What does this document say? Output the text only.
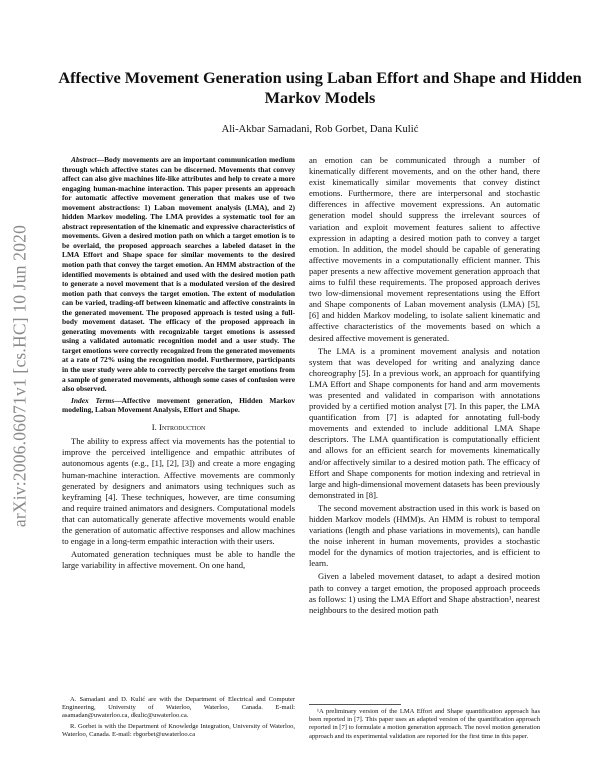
arXiv:2006.06071v1 [cs.HC] 10 Jun 2020
Affective Movement Generation using Laban Effort and Shape and Hidden Markov Models
Ali-Akbar Samadani, Rob Gorbet, Dana Kulić

Abstract—Body movements are an important communication medium through which affective states can be discerned. Movements that convey affect can also give machines life-like attributes and help to create a more engaging human-machine interaction. This paper presents an approach for automatic affective movement generation that makes use of two movement abstractions: 1) Laban movement analysis (LMA), and 2) hidden Markov modeling. The LMA provides a systematic tool for an abstract representation of the kinematic and expressive characteristics of movements. Given a desired motion path on which a target emotion is to be overlaid, the proposed approach searches a labeled dataset in the LMA Effort and Shape space for similar movements to the desired motion path that convey the target emotion. An HMM abstraction of the identified movements is obtained and used with the desired motion path to generate a novel movement that is a modulated version of the desired motion path that conveys the target emotion. The extent of modulation can be varied, trading-off between kinematic and affective constraints in the generated movement. The proposed approach is tested using a full-body movement dataset. The efficacy of the proposed approach in generating movements with recognizable target emotions is assessed using a validated automatic recognition model and a user study. The target emotions were correctly recognized from the generated movements at a rate of 72% using the recognition model. Furthermore, participants in the user study were able to correctly perceive the target emotions from a sample of generated movements, although some cases of confusion were also observed.

Index Terms—Affective movement generation, Hidden Markov modeling, Laban Movement Analysis, Effort and Shape.

I. Introduction

The ability to express affect via movements has the potential to improve the perceived intelligence and empathic attributes of autonomous agents (e.g., [1], [2], [3]) and create a more engaging human-machine interaction. Affective movements are commonly generated by designers and animators using techniques such as keyframing [4]. These techniques, however, are time consuming and require trained animators and designers. Computational models that can automatically generate affective movements would enable the generation of automatic affective responses and allow machines to engage in a long-term empathic interaction with their users.

Automated generation techniques must be able to handle the large variability in affective movement. On one hand,

A. Samadani and D. Kulić are with the Department of Electrical and Computer Engineering, University of Waterloo, Waterloo, Canada. E-mail: asamadan@uwaterloo.ca, dkulic@uwaterloo.ca.

R. Gorbet is with the Department of Knowledge Integration, University of Waterloo, Waterloo, Canada. E-mail: rbgorbet@uwaterloo.ca

an emotion can be communicated through a number of kinematically different movements, and on the other hand, there exist kinematically similar movements that convey distinct emotions. Furthermore, there are interpersonal and stochastic differences in affective movement expressions. An automatic generation model should suppress the irrelevant sources of variation and exploit movement features salient to affective expression in adapting a desired motion path to convey a target emotion. In addition, the model should be capable of generating affective movements in a computationally efficient manner. This paper presents a new affective movement generation approach that aims to fulfil these requirements. The proposed approach derives two low-dimensional movement representations using the Effort and Shape components of Laban movement analysis (LMA) [5], [6] and hidden Markov modeling, to isolate salient kinematic and affective characteristics of the movements based on which a desired affective movement is generated.

The LMA is a prominent movement analysis and notation system that was developed for writing and analyzing dance choreography [5]. In a previous work, an approach for quantifying LMA Effort and Shape components for hand and arm movements was presented and validated in comparison with annotations provided by a certified motion analyst [7]. In this paper, the LMA quantification from [7] is adapted for annotating full-body movements and extended to include additional LMA Shape descriptors. The LMA quantification is computationally efficient and allows for an efficient search for movements kinematically and/or affectively similar to a desired motion path. The efficacy of Effort and Shape components for motion indexing and retrieval in large and high-dimensional movement datasets has been previously demonstrated in [8].

The second movement abstraction used in this work is based on hidden Markov models (HMM)s. An HMM is robust to temporal variations (length and phase variations in movements), can handle the noise inherent in human movements, provides a stochastic model for the dynamics of motion trajectories, and is efficient to learn.

Given a labeled movement dataset, to adapt a desired motion path to convey a target emotion, the proposed approach proceeds as follows: 1) using the LMA Effort and Shape abstraction¹, nearest neighbours to the desired motion path

¹A preliminary version of the LMA Effort and Shape quantification approach has been reported in [7]. This paper uses an adapted version of the quantification approach reported in [7] to formulate a motion generation approach. The novel motion generation approach and its experimental validation are reported for the first time in this paper.
